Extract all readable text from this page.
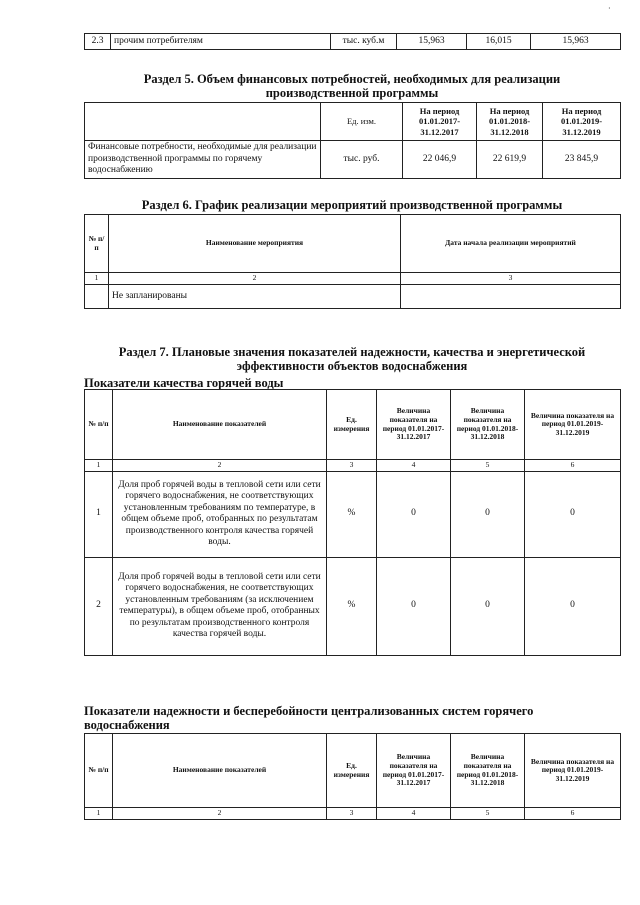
·
2.3	прочим потребителям	тыс. куб.м	15,963	16,015	15,963
Раздел 5. Объем финансовых потребностей, необходимых для реализации
производственной программы
	Ед. изм.	На период 01.01.2017-31.12.2017	На период 01.01.2018-31.12.2018	На период 01.01.2019-31.12.2019
Финансовые потребности, необходимые для реализации производственной программы по горячему водоснабжению	тыс. руб.	22 046,9	22 619,9	23 845,9
Раздел 6. График реализации мероприятий производственной программы
№ п/п	Наименование мероприятия	Дата начала реализации мероприятий
1	2	3
	Не запланированы	
Раздел 7. Плановые значения показателей надежности, качества и энергетической
эффективности объектов водоснабжения
Показатели качества горячей воды
№ п/п	Наименование показателей	Ед. измерения	Величина показателя на период 01.01.2017-31.12.2017	Величина показателя на период 01.01.2018-31.12.2018	Величина показателя на период 01.01.2019-31.12.2019
1	2	3	4	5	6
1	Доля проб горячей воды в тепловой сети или сети горячего водоснабжения, не соответствующих установленным требованиям по температуре, в общем объеме проб, отобранных по результатам производственного контроля качества горячей воды.	%	0	0	0
2	Доля проб горячей воды в тепловой сети или сети горячего водоснабжения, не соответствующих установленным требованиям (за исключением температуры), в общем объеме проб, отобранных по результатам производственного контроля качества горячей воды.	%	0	0	0
Показатели надежности и бесперебойности централизованных систем горячего
водоснабжения
№ п/п	Наименование показателей	Ед. измерения	Величина показателя на период 01.01.2017-31.12.2017	Величина показателя на период 01.01.2018-31.12.2018	Величина показателя на период 01.01.2019-31.12.2019
1	2	3	4	5	6
